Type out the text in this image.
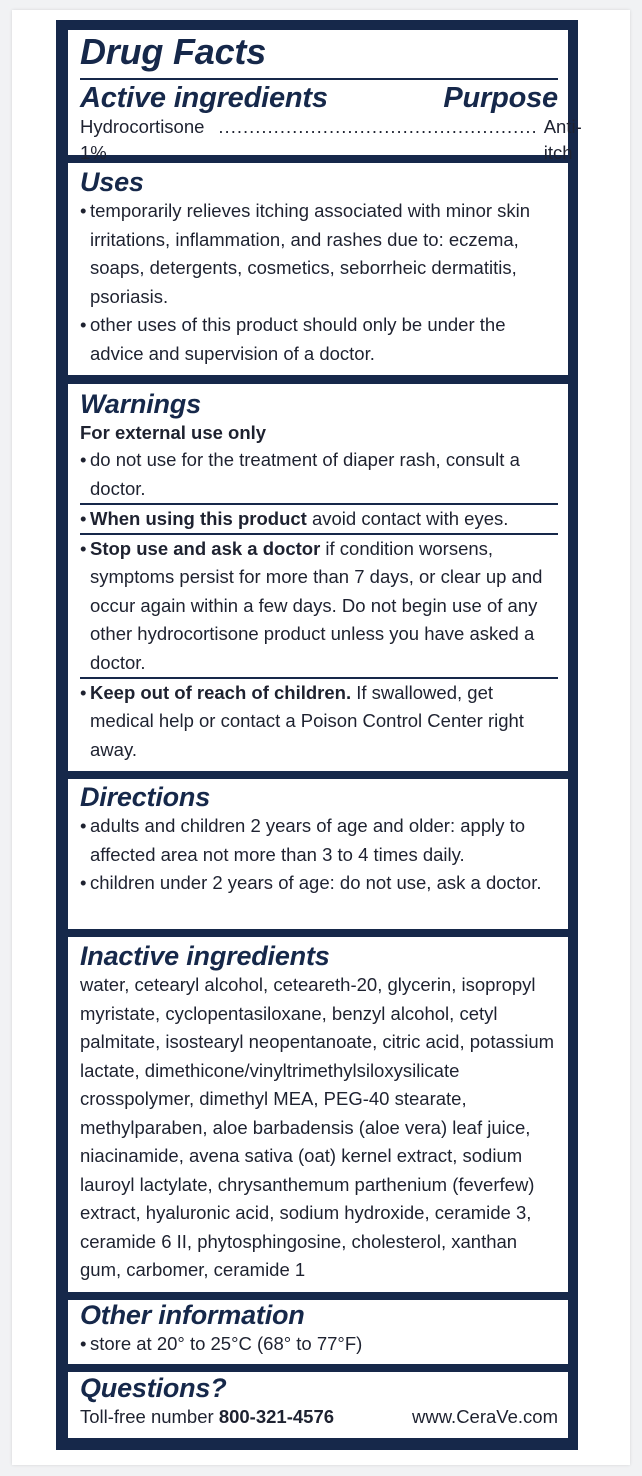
Drug Facts
Active ingredients	Purpose
Hydrocortisone 1%
.................................................... Anti-itch
Uses
• temporarily relieves itching associated with minor skin irritations, inflammation, and rashes due to: eczema, soaps, detergents, cosmetics, seborrheic dermatitis, psoriasis.
• other uses of this product should only be under the advice and supervision of a doctor.
Warnings
For external use only
• do not use for the treatment of diaper rash, consult a doctor.
• When using this product avoid contact with eyes.
• Stop use and ask a doctor if condition worsens, symptoms persist for more than 7 days, or clear up and occur again within a few days. Do not begin use of any other hydrocortisone product unless you have asked a doctor.
• Keep out of reach of children. If swallowed, get medical help or contact a Poison Control Center right away.
Directions
• adults and children 2 years of age and older: apply to affected area not more than 3 to 4 times daily.
• children under 2 years of age: do not use, ask a doctor.
Inactive ingredients
water, cetearyl alcohol, ceteareth-20, glycerin, isopropyl myristate, cyclopentasiloxane, benzyl alcohol, cetyl palmitate, isostearyl neopentanoate, citric acid, potassium lactate, dimethicone/vinyltrimethylsiloxysilicate crosspolymer, dimethyl MEA, PEG-40 stearate, methylparaben, aloe barbadensis (aloe vera) leaf juice, niacinamide, avena sativa (oat) kernel extract, sodium lauroyl lactylate, chrysanthemum parthenium (feverfew) extract, hyaluronic acid, sodium hydroxide, ceramide 3, ceramide 6 II, phytosphingosine, cholesterol, xanthan gum, carbomer, ceramide 1
Other information
• store at 20° to 25°C (68° to 77°F)
Questions?
Toll-free number 800-321-4576	www.CeraVe.com
